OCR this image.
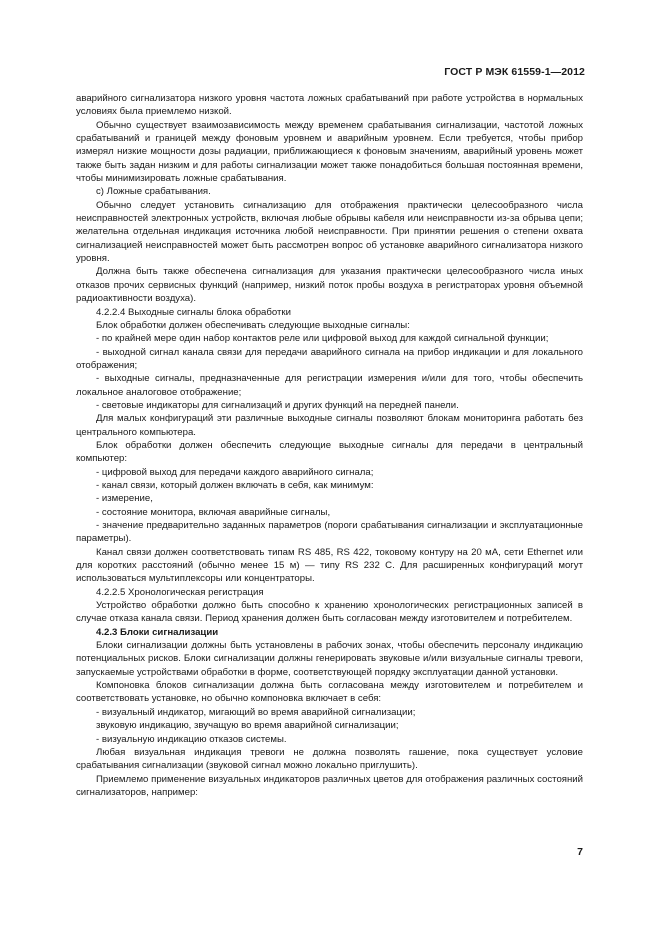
ГОСТ Р МЭК 61559-1—2012

аварийного сигнализатора низкого уровня частота ложных срабатываний при работе устройства в нормальных условиях была приемлемо низкой.

Обычно существует взаимозависимость между временем срабатывания сигнализации, частотой ложных срабатываний и границей между фоновым уровнем и аварийным уровнем. Если требуется, чтобы прибор измерял низкие мощности дозы радиации, приближающиеся к фоновым значениям, аварийный уровень может также быть задан низким и для работы сигнализации может также понадобиться большая постоянная времени, чтобы минимизировать ложные срабатывания.

c) Ложные срабатывания.

Обычно следует установить сигнализацию для отображения практически целесообразного числа неисправностей электронных устройств, включая любые обрывы кабеля или неисправности из-за обрыва цепи; желательна отдельная индикация источника любой неисправности. При принятии решения о степени охвата сигнализацией неисправностей может быть рассмотрен вопрос об установке аварийного сигнализатора низкого уровня.

Должна быть также обеспечена сигнализация для указания практически целесообразного числа иных отказов прочих сервисных функций (например, низкий поток пробы воздуха в регистраторах уровня объемной радиоактивности воздуха).

4.2.2.4 Выходные сигналы блока обработки

Блок обработки должен обеспечивать следующие выходные сигналы:

- по крайней мере один набор контактов реле или цифровой выход для каждой сигнальной функции;

- выходной сигнал канала связи для передачи аварийного сигнала на прибор индикации и для локального отображения;

- выходные сигналы, предназначенные для регистрации измерения и/или для того, чтобы обеспечить локальное аналоговое отображение;

- световые индикаторы для сигнализаций и других функций на передней панели.

Для малых конфигураций эти различные выходные сигналы позволяют блокам мониторинга работать без центрального компьютера.

Блок обработки должен обеспечить следующие выходные сигналы для передачи в центральный компьютер:

- цифровой выход для передачи каждого аварийного сигнала;

- канал связи, который должен включать в себя, как минимум:

- измерение,

- состояние монитора, включая аварийные сигналы,

- значение предварительно заданных параметров (пороги срабатывания сигнализации и эксплуатационные параметры).

Канал связи должен соответствовать типам RS 485, RS 422, токовому контуру на 20 мА, сети Ethernet или для коротких расстояний (обычно менее 15 м) — типу RS 232 C. Для расширенных конфигураций могут использоваться мультиплексоры или концентраторы.

4.2.2.5 Хронологическая регистрация

Устройство обработки должно быть способно к хранению хронологических регистрационных записей в случае отказа канала связи. Период хранения должен быть согласован между изготовителем и потребителем.

4.2.3 Блоки сигнализации

Блоки сигнализации должны быть установлены в рабочих зонах, чтобы обеспечить персоналу индикацию потенциальных рисков. Блоки сигнализации должны генерировать звуковые и/или визуальные сигналы тревоги, запускаемые устройствами обработки в форме, соответствующей порядку эксплуатации данной установки.

Компоновка блоков сигнализации должна быть согласована между изготовителем и потребителем и соответствовать установке, но обычно компоновка включает в себя:

- визуальный индикатор, мигающий во время аварийной сигнализации;

звуковую индикацию, звучащую во время аварийной сигнализации;

- визуальную индикацию отказов системы.

Любая визуальная индикация тревоги не должна позволять гашение, пока существует условие срабатывания сигнализации (звуковой сигнал можно локально приглушить).

Приемлемо применение визуальных индикаторов различных цветов для отображения различных состояний сигнализаторов, например:

7
